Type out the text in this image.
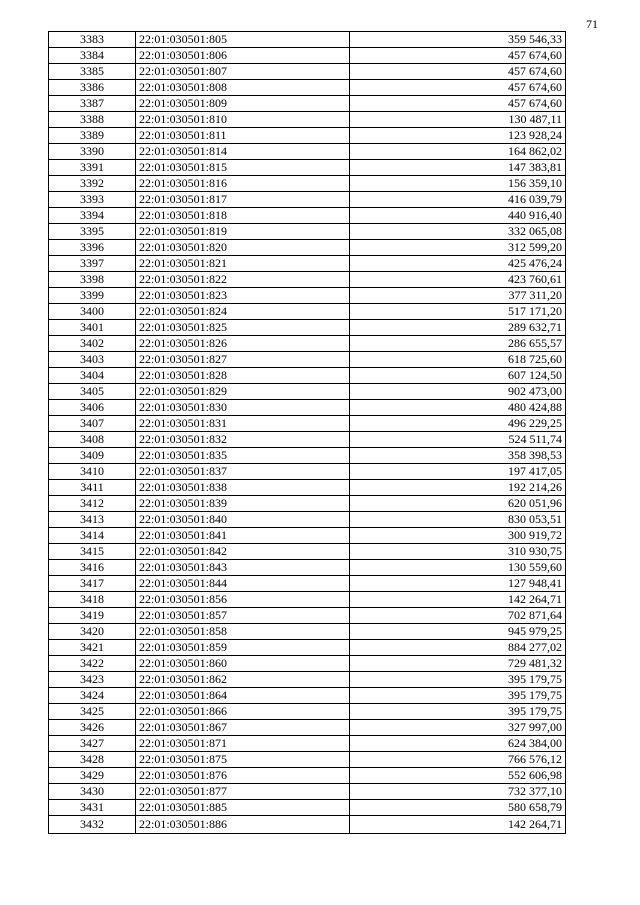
71
3383	22:01:030501:805	359 546,33
3384	22:01:030501:806	457 674,60
3385	22:01:030501:807	457 674,60
3386	22:01:030501:808	457 674,60
3387	22:01:030501:809	457 674,60
3388	22:01:030501:810	130 487,11
3389	22:01:030501:811	123 928,24
3390	22:01:030501:814	164 862,02
3391	22:01:030501:815	147 383,81
3392	22:01:030501:816	156 359,10
3393	22:01:030501:817	416 039,79
3394	22:01:030501:818	440 916,40
3395	22:01:030501:819	332 065,08
3396	22:01:030501:820	312 599,20
3397	22:01:030501:821	425 476,24
3398	22:01:030501:822	423 760,61
3399	22:01:030501:823	377 311,20
3400	22:01:030501:824	517 171,20
3401	22:01:030501:825	289 632,71
3402	22:01:030501:826	286 655,57
3403	22:01:030501:827	618 725,60
3404	22:01:030501:828	607 124,50
3405	22:01:030501:829	902 473,00
3406	22:01:030501:830	480 424,88
3407	22:01:030501:831	496 229,25
3408	22:01:030501:832	524 511,74
3409	22:01:030501:835	358 398,53
3410	22:01:030501:837	197 417,05
3411	22:01:030501:838	192 214,26
3412	22:01:030501:839	620 051,96
3413	22:01:030501:840	830 053,51
3414	22:01:030501:841	300 919,72
3415	22:01:030501:842	310 930,75
3416	22:01:030501:843	130 559,60
3417	22:01:030501:844	127 948,41
3418	22:01:030501:856	142 264,71
3419	22:01:030501:857	702 871,64
3420	22:01:030501:858	945 979,25
3421	22:01:030501:859	884 277,02
3422	22:01:030501:860	729 481,32
3423	22:01:030501:862	395 179,75
3424	22:01:030501:864	395 179,75
3425	22:01:030501:866	395 179,75
3426	22:01:030501:867	327 997,00
3427	22:01:030501:871	624 384,00
3428	22:01:030501:875	766 576,12
3429	22:01:030501:876	552 606,98
3430	22:01:030501:877	732 377,10
3431	22:01:030501:885	580 658,79
3432	22:01:030501:886	142 264,71
